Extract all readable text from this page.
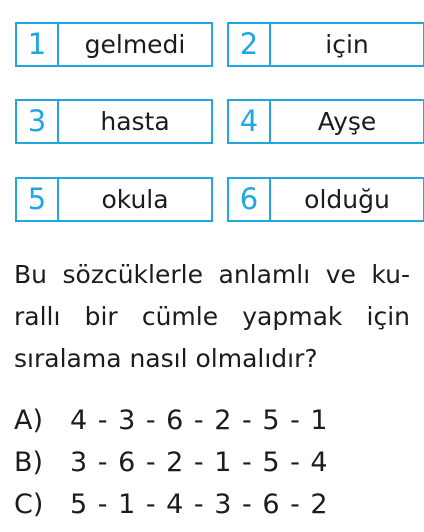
1	gelmedi	2	için
3	hasta	4	Ayşe
5	okula	6	olduğu

Bu sözcüklerle anlamlı ve ku-
rallı bir cümle yapmak için
sıralama nasıl olmalıdır?

A) 4 - 3 - 6 - 2 - 5 - 1
B) 3 - 6 - 2 - 1 - 5 - 4
C) 5 - 1 - 4 - 3 - 6 - 2
